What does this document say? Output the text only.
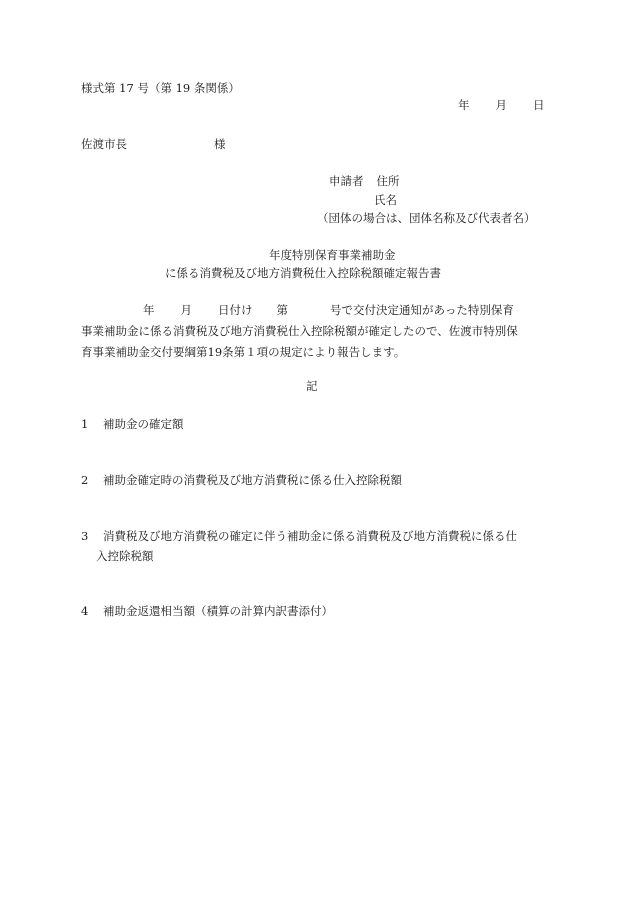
様式第 17 号（第 19 条関係）
年 月 日
佐渡市長	様
申請者 住所
氏名
（団体の場合は、団体名称及び代表者名）
年度特別保育事業補助金
に係る消費税及び地方消費税仕入控除税額確定報告書
年 月 日付け 第	号で交付決定通知があった特別保育
事業補助金に係る消費税及び地方消費税仕入控除税額が確定したので、佐渡市特別保
育事業補助金交付要綱第19条第１項の規定により報告します。
記
1 補助金の確定額
2 補助金確定時の消費税及び地方消費税に係る仕入控除税額
3 消費税及び地方消費税の確定に伴う補助金に係る消費税及び地方消費税に係る仕
入控除税額
4 補助金返還相当額（積算の計算内訳書添付）
